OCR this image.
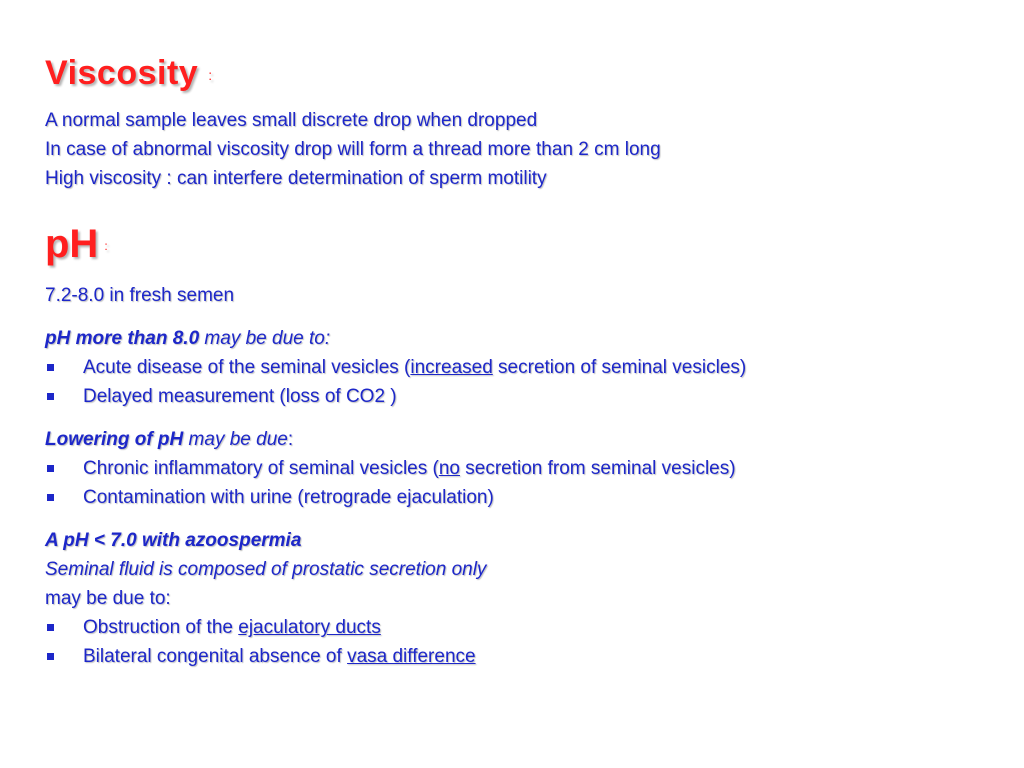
Viscosity :

A normal sample leaves small discrete drop when dropped

In case of abnormal viscosity drop will form a thread more than 2 cm long

High viscosity : can interfere determination of sperm motility

pH :

7.2-8.0 in fresh semen

pH more than 8.0 may be due to:

Acute disease of the seminal vesicles (increased secretion of seminal vesicles)
Delayed measurement (loss of CO2 )

Lowering of pH may be due:

Chronic inflammatory of seminal vesicles (no secretion from seminal vesicles)
Contamination with urine (retrograde ejaculation)

A pH < 7.0 with azoospermia

Seminal fluid is composed of prostatic secretion only

may be due to:

Obstruction of the ejaculatory ducts
Bilateral congenital absence of vasa difference
